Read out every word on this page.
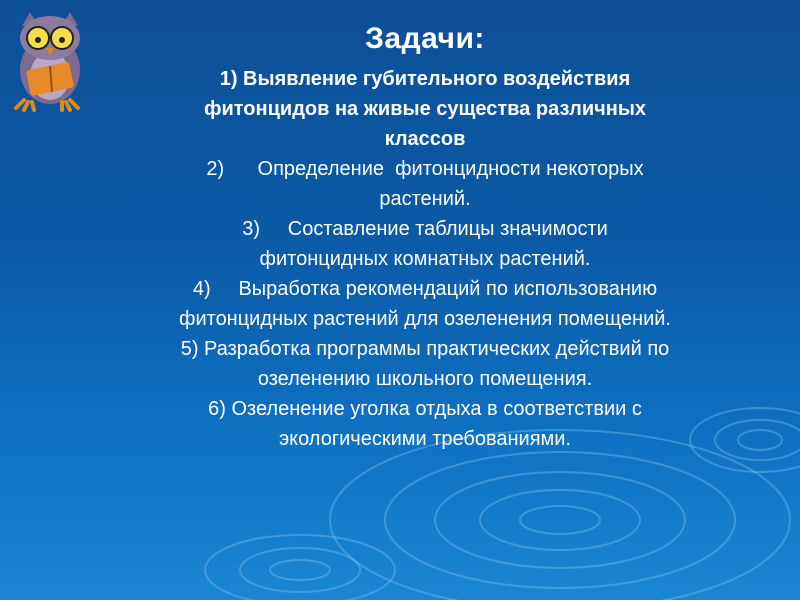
Задачи:

1) Выявление губительного воздействия
фитонцидов на живые существа различных
классов

2)      Определение  фитонцидности некоторых
растений.

3)     Составление таблицы значимости
фитонцидных комнатных растений.

4)     Выработка рекомендаций по использованию
фитонцидных растений для озеленения помещений.

5) Разработка программы практических действий по
озеленению школьного помещения.

6) Озеленение уголка отдыха в соответствии с
экологическими требованиями.
